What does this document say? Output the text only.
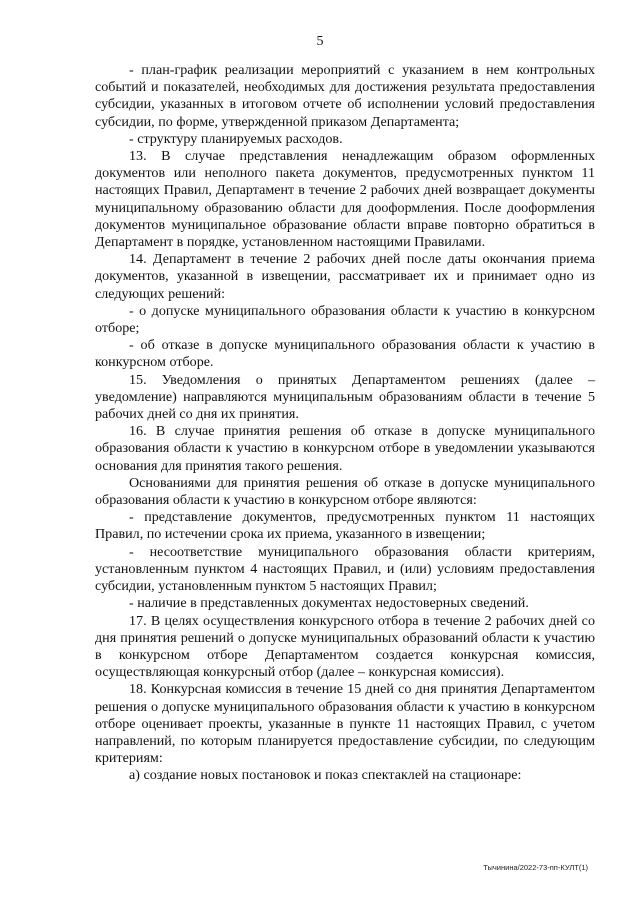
5

- план-график реализации мероприятий с указанием в нем контрольных событий и показателей, необходимых для достижения результата предоставления субсидии, указанных в итоговом отчете об исполнении условий предоставления субсидии, по форме, утвержденной приказом Департамента;

- структуру планируемых расходов.

13. В случае представления ненадлежащим образом оформленных документов или неполного пакета документов, предусмотренных пунктом 11 настоящих Правил, Департамент в течение 2 рабочих дней возвращает документы муниципальному образованию области для дооформления. После дооформления документов муниципальное образование области вправе повторно обратиться в Департамент в порядке, установленном настоящими Правилами.

14. Департамент в течение 2 рабочих дней после даты окончания приема документов, указанной в извещении, рассматривает их и принимает одно из следующих решений:

- о допуске муниципального образования области к участию в конкурсном отборе;

- об отказе в допуске муниципального образования области к участию в конкурсном отборе.

15. Уведомления о принятых Департаментом решениях (далее – уведомление) направляются муниципальным образованиям области в течение 5 рабочих дней со дня их принятия.

16. В случае принятия решения об отказе в допуске муниципального образования области к участию в конкурсном отборе в уведомлении указываются основания для принятия такого решения.

Основаниями для принятия решения об отказе в допуске муниципального образования области к участию в конкурсном отборе являются:

- представление документов, предусмотренных пунктом 11 настоящих Правил, по истечении срока их приема, указанного в извещении;

- несоответствие муниципального образования области критериям, установленным пунктом 4 настоящих Правил, и (или) условиям предоставления субсидии, установленным пунктом 5 настоящих Правил;

- наличие в представленных документах недостоверных сведений.

17. В целях осуществления конкурсного отбора в течение 2 рабочих дней со дня принятия решений о допуске муниципальных образований области к участию в конкурсном отборе Департаментом создается конкурсная комиссия, осуществляющая конкурсный отбор (далее – конкурсная комиссия).

18. Конкурсная комиссия в течение 15 дней со дня принятия Департаментом решения о допуске муниципального образования области к участию в конкурсном отборе оценивает проекты, указанные в пункте 11 настоящих Правил, с учетом направлений, по которым планируется предоставление субсидии, по следующим критериям:

а) создание новых постановок и показ спектаклей на стационаре:

Тычинина/2022-73-пп-КУЛТ(1)
